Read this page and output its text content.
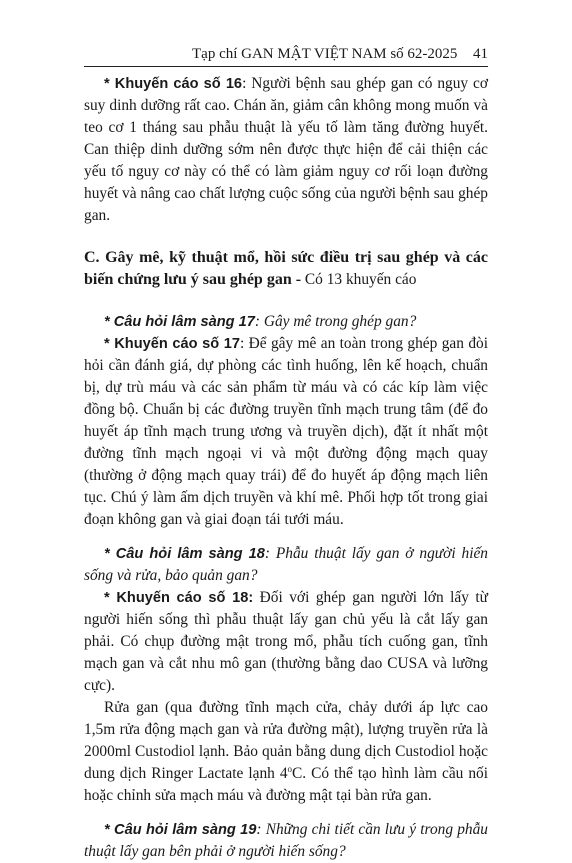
Tạp chí GAN MẬT VIỆT NAM số 62-2025 41

* Khuyến cáo số 16: Người bệnh sau ghép gan có nguy cơ suy dinh dưỡng rất cao. Chán ăn, giảm cân không mong muốn và teo cơ 1 tháng sau phẫu thuật là yếu tố làm tăng đường huyết. Can thiệp dinh dưỡng sớm nên được thực hiện để cải thiện các yếu tố nguy cơ này có thể có làm giảm nguy cơ rối loạn đường huyết và nâng cao chất lượng cuộc sống của người bệnh sau ghép gan.

C. Gây mê, kỹ thuật mổ, hồi sức điều trị sau ghép và các biến chứng lưu ý sau ghép gan - Có 13 khuyến cáo

* Câu hỏi lâm sàng 17: Gây mê trong ghép gan?

* Khuyến cáo số 17: Để gây mê an toàn trong ghép gan đòi hỏi cần đánh giá, dự phòng các tình huống, lên kế hoạch, chuẩn bị, dự trù máu và các sản phẩm từ máu và có các kíp làm việc đồng bộ. Chuẩn bị các đường truyền tĩnh mạch trung tâm (để đo huyết áp tĩnh mạch trung ương và truyền dịch), đặt ít nhất một đường tĩnh mạch ngoại vi và một đường động mạch quay (thường ở động mạch quay trái) để đo huyết áp động mạch liên tục. Chú ý làm ấm dịch truyền và khí mê. Phối hợp tốt trong giai đoạn không gan và giai đoạn tái tưới máu.

* Câu hỏi lâm sàng 18: Phẫu thuật lấy gan ở người hiến sống và rửa, bảo quản gan?

* Khuyến cáo số 18: Đối với ghép gan người lớn lấy từ người hiến sống thì phẫu thuật lấy gan chủ yếu là cắt lấy gan phải. Có chụp đường mật trong mổ, phẫu tích cuống gan, tĩnh mạch gan và cắt nhu mô gan (thường bằng dao CUSA và lưỡng cực).

Rửa gan (qua đường tĩnh mạch cửa, chảy dưới áp lực cao 1,5m rửa động mạch gan và rửa đường mật), lượng truyền rửa là 2000ml Custodiol lạnh. Bảo quản bằng dung dịch Custodiol hoặc dung dịch Ringer Lactate lạnh 4$^o$C. Có thể tạo hình làm cầu nối hoặc chỉnh sửa mạch máu và đường mật tại bàn rửa gan.

* Câu hỏi lâm sàng 19: Những chi tiết cần lưu ý trong phẫu thuật lấy gan bên phải ở người hiến sống?
